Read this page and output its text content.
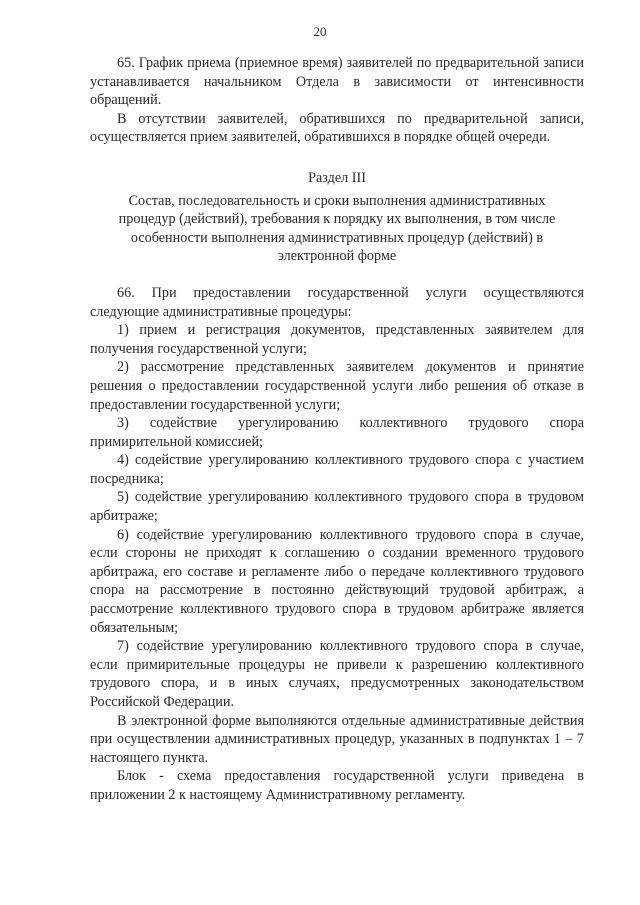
20

65. График приема (приемное время) заявителей по предварительной записи устанавливается начальником Отдела в зависимости от интенсивности обращений.

В отсутствии заявителей, обратившихся по предварительной записи, осуществляется прием заявителей, обратившихся в порядке общей очереди.

Раздел III
Состав, последовательность и сроки выполнения административных процедур (действий), требования к порядку их выполнения, в том числе особенности выполнения административных процедур (действий) в электронной форме

66. При предоставлении государственной услуги осуществляются следующие административные процедуры:

1) прием и регистрация документов, представленных заявителем для получения государственной услуги;

2) рассмотрение представленных заявителем документов и принятие решения о предоставлении государственной услуги либо решения об отказе в предоставлении государственной услуги;

3) содействие урегулированию коллективного трудового спора примирительной комиссией;

4) содействие урегулированию коллективного трудового спора с участием посредника;

5) содействие урегулированию коллективного трудового спора в трудовом арбитраже;

6) содействие урегулированию коллективного трудового спора в случае, если стороны не приходят к соглашению о создании временного трудового арбитража, его составе и регламенте либо о передаче коллективного трудового спора на рассмотрение в постоянно действующий трудовой арбитраж, а рассмотрение коллективного трудового спора в трудовом арбитраже является обязательным;

7) содействие урегулированию коллективного трудового спора в случае, если примирительные процедуры не привели к разрешению коллективного трудового спора, и в иных случаях, предусмотренных законодательством Российской Федерации.

В электронной форме выполняются отдельные административные действия при осуществлении административных процедур, указанных в подпунктах 1 – 7 настоящего пункта.

Блок - схема предоставления государственной услуги приведена в приложении 2 к настоящему Административному регламенту.
